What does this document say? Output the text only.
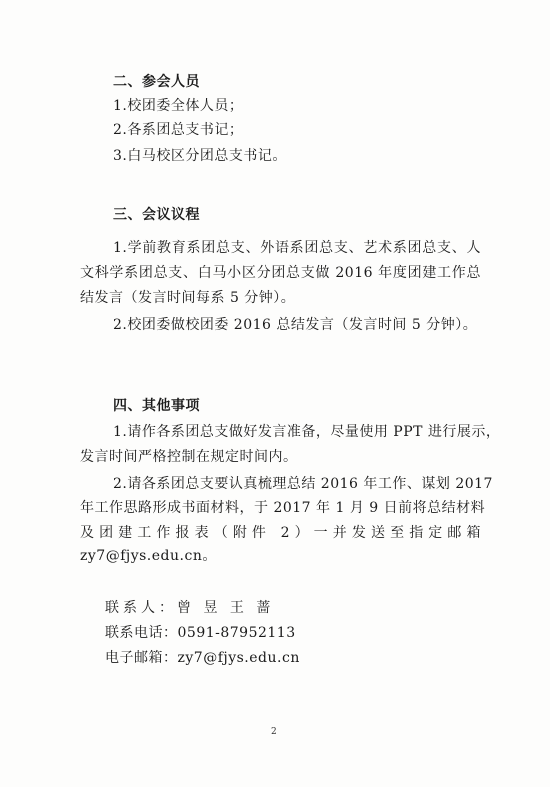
二、参会人员
1.校团委全体人员；
2.各系团总支书记；
3.白马校区分团总支书记。
三、会议议程
1.学前教育系团总支、外语系团总支、艺术系团总支、人
文科学系团总支、白马小区分团总支做 2016 年度团建工作总
结发言（发言时间每系 5 分钟）。
2.校团委做校团委 2016 总结发言（发言时间 5 分钟）。
四、其他事项
1.请作各系团总支做好发言准备，尽量使用 PPT 进行展示，
发言时间严格控制在规定时间内。
2.请各系团总支要认真梳理总结 2016 年工作、谋划 2017
年工作思路形成书面材料，于 2017 年 1 月 9 日前将总结材料
及团建工作报表（附件 2）一并发送至指定邮箱
zy7@fjys.edu.cn。
联系人：曾 昱 王 蔷
联系电话：0591-87952113
电子邮箱：zy7@fjys.edu.cn
2
